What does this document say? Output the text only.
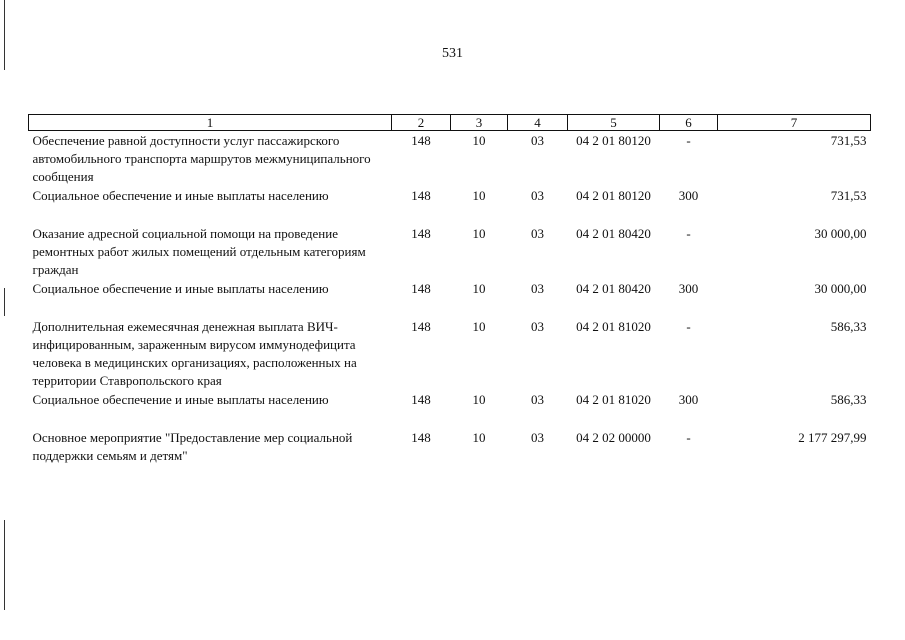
531
1	2	3	4	5	6	7
Обеспечение равной доступности услуг пассажирского автомобильного транспорта маршрутов межмуниципального сообщения	148	10	03	04 2 01 80120	-	731,53
Социальное обеспечение и иные выплаты населению	148	10	03	04 2 01 80120	300	731,53

Оказание адресной социальной помощи на проведение ремонтных работ жилых помещений отдельным категориям граждан	148	10	03	04 2 01 80420	-	30 000,00
Социальное обеспечение и иные выплаты населению	148	10	03	04 2 01 80420	300	30 000,00

Дополнительная ежемесячная денежная выплата ВИЧ-инфицированным, зараженным вирусом иммунодефицита человека в медицинских организациях, расположенных на территории Ставропольского края	148	10	03	04 2 01 81020	-	586,33
Социальное обеспечение и иные выплаты населению	148	10	03	04 2 01 81020	300	586,33

Основное мероприятие "Предоставление мер социальной поддержки семьям и детям"	148	10	03	04 2 02 00000	-	2 177 297,99
